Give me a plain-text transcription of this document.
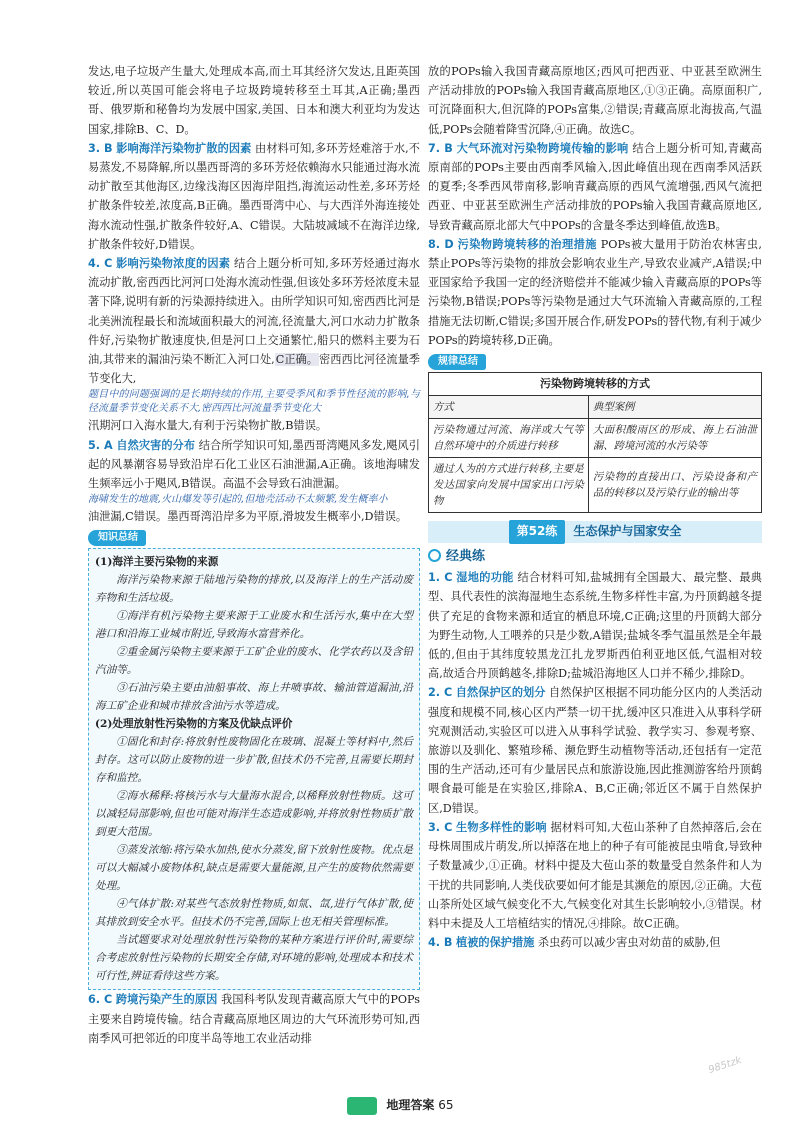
发达,电子垃圾产生量大,处理成本高,而土耳其经济欠发达,且距英国较近,所以英国可能会将电子垃圾跨境转移至土耳其,A正确;墨西哥、俄罗斯和秘鲁均为发展中国家,美国、日本和澳大利亚均为发达国家,排除B、C、D。

3. B 影响海洋污染物扩散的因素 由材料可知,多环芳烃难溶于水,不易蒸发,不易降解,所以墨西哥湾的多环芳烃依赖海水只能通过海水流动扩散至其他海区,边缘浅海区因海岸阻挡,海流运动性差,多环芳烃扩散条件较差,浓度高,B正确。墨西哥湾中心、与大西洋外海连接处海水流动性强,扩散条件较好,A、C错误。大陆坡减域不在海洋边缘,扩散条件较好,D错误。

4. C 影响污染物浓度的因素 结合上题分析可知,多环芳烃通过海水流动扩散,密西西比河河口处海水流动性强,但该处多环芳烃浓度未显著下降,说明有新的污染源持续进入。由所学知识可知,密西西比河是北美洲流程最长和流域面积最大的河流,径流量大,河口水动力扩散条件好,污染物扩散速度快,但是河口上交通繁忙,船只的燃料主要为石油,其带来的漏油污染不断汇入河口处,C正确。密西西比河径流量季节变化大,

题目中的问题强调的是长期持续的作用,主要受季风和季节性径流的影响,与径流量季节变化关系不大,密西西比河流量季节变化大

汛期河口入海水量大,有利于污染物扩散,B错误。

5. A 自然灾害的分布 结合所学知识可知,墨西哥湾飓风多发,飓风引起的风暴潮容易导致沿岸石化工业区石油泄漏,A正确。该地海啸发生频率远小于飓风,B错误。高温不会导致石油泄漏。

海啸发生的地震,火山爆发等引起的,但地壳活动不太频繁,发生概率小

油泄漏,C错误。墨西哥湾沿岸多为平原,滑坡发生概率小,D错误。

知识总结

(1)海洋主要污染物的来源

海洋污染物来源于陆地污染物的排放,以及海洋上的生产活动废弃物和生活垃圾。

①海洋有机污染物主要来源于工业废水和生活污水,集中在大型港口和沿海工业城市附近,导致海水富营养化。

②重金属污染物主要来源于工矿企业的废水、化学农药以及含铅汽油等。

③石油污染主要由油船事故、海上井喷事故、输油管道漏油,沿海工矿企业和城市排放含油污水等造成。

(2)处理放射性污染物的方案及优缺点评价

①固化和封存:将放射性废物固化在玻璃、混凝土等材料中,然后封存。这可以防止废物的进一步扩散,但技术仍不完善,且需要长期封存和监控。

②海水稀释:将核污水与大量海水混合,以稀释放射性物质。这可以减轻局部影响,但也可能对海洋生态造成影响,并将放射性物质扩散到更大范围。

③蒸发浓缩:将污染水加热,使水分蒸发,留下放射性废物。优点是可以大幅减小废物体积,缺点是需要大量能源,且产生的废物依然需要处理。

④气体扩散:对某些气态放射性物质,如氚、氙,进行气体扩散,使其排放到安全水平。但技术仍不完善,国际上也无相关管理标准。

当试题要求对处理放射性污染物的某种方案进行评价时,需要综合考虑放射性污染物的长期安全存储,对环境的影响,处理成本和技术可行性,辨证看待这些方案。

6. C 跨境污染产生的原因 我国科考队发现青藏高原大气中的POPs主要来自跨境传输。结合青藏高原地区周边的大气环流形势可知,西南季风可把邻近的印度半岛等地工农业活动排

放的POPs输入我国青藏高原地区;西风可把西亚、中亚甚至欧洲生产活动排放的POPs输入我国青藏高原地区,①③正确。高原面积广,可沉降面积大,但沉降的POPs富集,②错误;青藏高原北海拔高,气温低,POPs会随着降雪沉降,④正确。故选C。

7. B 大气环流对污染物跨境传输的影响 结合上题分析可知,青藏高原南部的POPs主要由西南季风输入,因此峰值出现在西南季风活跃的夏季;冬季西风带南移,影响青藏高原的西风气流增强,西风气流把西亚、中亚甚至欧洲生产活动排放的POPs输入我国青藏高原地区,导致青藏高原北部大气中POPs的含量冬季达到峰值,故选B。

8. D 污染物跨境转移的治理措施 POPs被大量用于防治农林害虫,禁止POPs等污染物的排放会影响农业生产,导致农业减产,A错误;中亚国家给予我国一定的经济赔偿并不能减少输入青藏高原的POPs等污染物,B错误;POPs等污染物是通过大气环流输入青藏高原的,工程措施无法切断,C错误;多国开展合作,研发POPs的替代物,有利于减少POPs的跨境转移,D正确。

规律总结
污染物跨境转移的方式	
方式	典型案例
污染物通过河流、海洋或大气等自然环境中的介质进行转移	大面积酸雨区的形成、海上石油泄漏、跨境河流的水污染等
通过人为的方式进行转移,主要是发达国家向发展中国家出口污染物	污染物的直接出口、污染设备和产品的转移以及污染行业的输出等
第52练	生态保护与国家安全
经典练

1. C 湿地的功能 结合材料可知,盐城拥有全国最大、最完整、最典型、具代表性的滨海湿地生态系统,生物多样性丰富,为丹顶鹤越冬提供了充足的食物来源和适宜的栖息环境,C正确;这里的丹顶鹤大部分为野生动物,人工喂养的只是少数,A错误;盐城冬季气温虽然是全年最低的,但由于其纬度较黑龙江扎龙罗斯西伯利亚地区低,气温相对较高,故适合丹顶鹤越冬,排除D;盐城沿海地区人口并不稀少,排除D。

2. C 自然保护区的划分 自然保护区根据不同功能分区内的人类活动强度和规模不同,核心区内严禁一切干扰,缓冲区只准进入从事科学研究观测活动,实验区可以进入从事科学试验、教学实习、参观考察、旅游以及驯化、繁殖珍稀、濒危野生动植物等活动,还包括有一定范围的生产活动,还可有少量居民点和旅游设施,因此推测游客给丹顶鹤喂食最可能是在实验区,排除A、B,C正确;邻近区不属于自然保护区,D错误。

3. C 生物多样性的影响 据材料可知,大苞山茶种了自然掉落后,会在母株周围成片萌发,所以掉落在地上的种子有可能被昆虫啃食,导致种子数量减少,①正确。材料中提及大苞山茶的数量受自然条件和人为干扰的共同影响,人类伐砍要如何才能是其濒危的原因,②正确。大苞山茶所处区域气候变化不大,气候变化对其生长影响较小,③错误。材料中未提及人工培植结实的情况,④排除。故C正确。

4. B 植被的保护措施 杀虫药可以减少害虫对幼苗的威胁,但

985tzk
地理答案 65
